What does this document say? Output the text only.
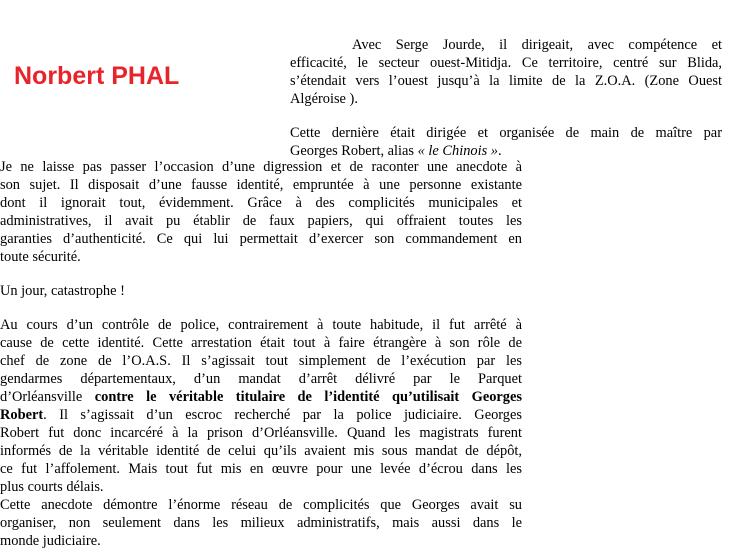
Norbert PHAL
Avec Serge Jourde, il dirigeait, avec compétence et
efficacité, le secteur ouest-Mitidja. Ce territoire, centré sur Blida,
s’étendait vers l’ouest jusqu’à la limite de la Z.O.A. (Zone Ouest
Algéroise ).
Cette dernière était dirigée et organisée de main de maître par
Georges Robert, alias « le Chinois ».
Je ne laisse pas passer l’occasion d’une digression et de raconter une anecdote à
son sujet. Il disposait d’une fausse identité, empruntée à une personne existante
dont il ignorait tout, évidemment. Grâce à des complicités municipales et
administratives, il avait pu établir de faux papiers, qui offraient toutes les
garanties d’authenticité. Ce qui lui permettait d’exercer son commandement en
toute sécurité.
Un jour, catastrophe !
Au cours d’un contrôle de police, contrairement à toute habitude, il fut arrêté à
cause de cette identité. Cette arrestation était tout à faire étrangère à son rôle de
chef de zone de l’O.A.S. Il s’agissait tout simplement de l’exécution par les
gendarmes départementaux, d’un mandat d’arrêt délivré par le Parquet
d’Orléansville contre le véritable titulaire de l’identité qu’utilisait Georges
Robert. Il s’agissait d’un escroc recherché par la police judiciaire. Georges
Robert fut donc incarcéré à la prison d’Orléansville. Quand les magistrats furent
informés de la véritable identité de celui qu’ils avaient mis sous mandat de dépôt,
ce fut l’affolement. Mais tout fut mis en œuvre pour une levée d’écrou dans les
plus courts délais.
Cette anecdote démontre l’énorme réseau de complicités que Georges avait su
organiser, non seulement dans les milieux administratifs, mais aussi dans le
monde judiciaire.
